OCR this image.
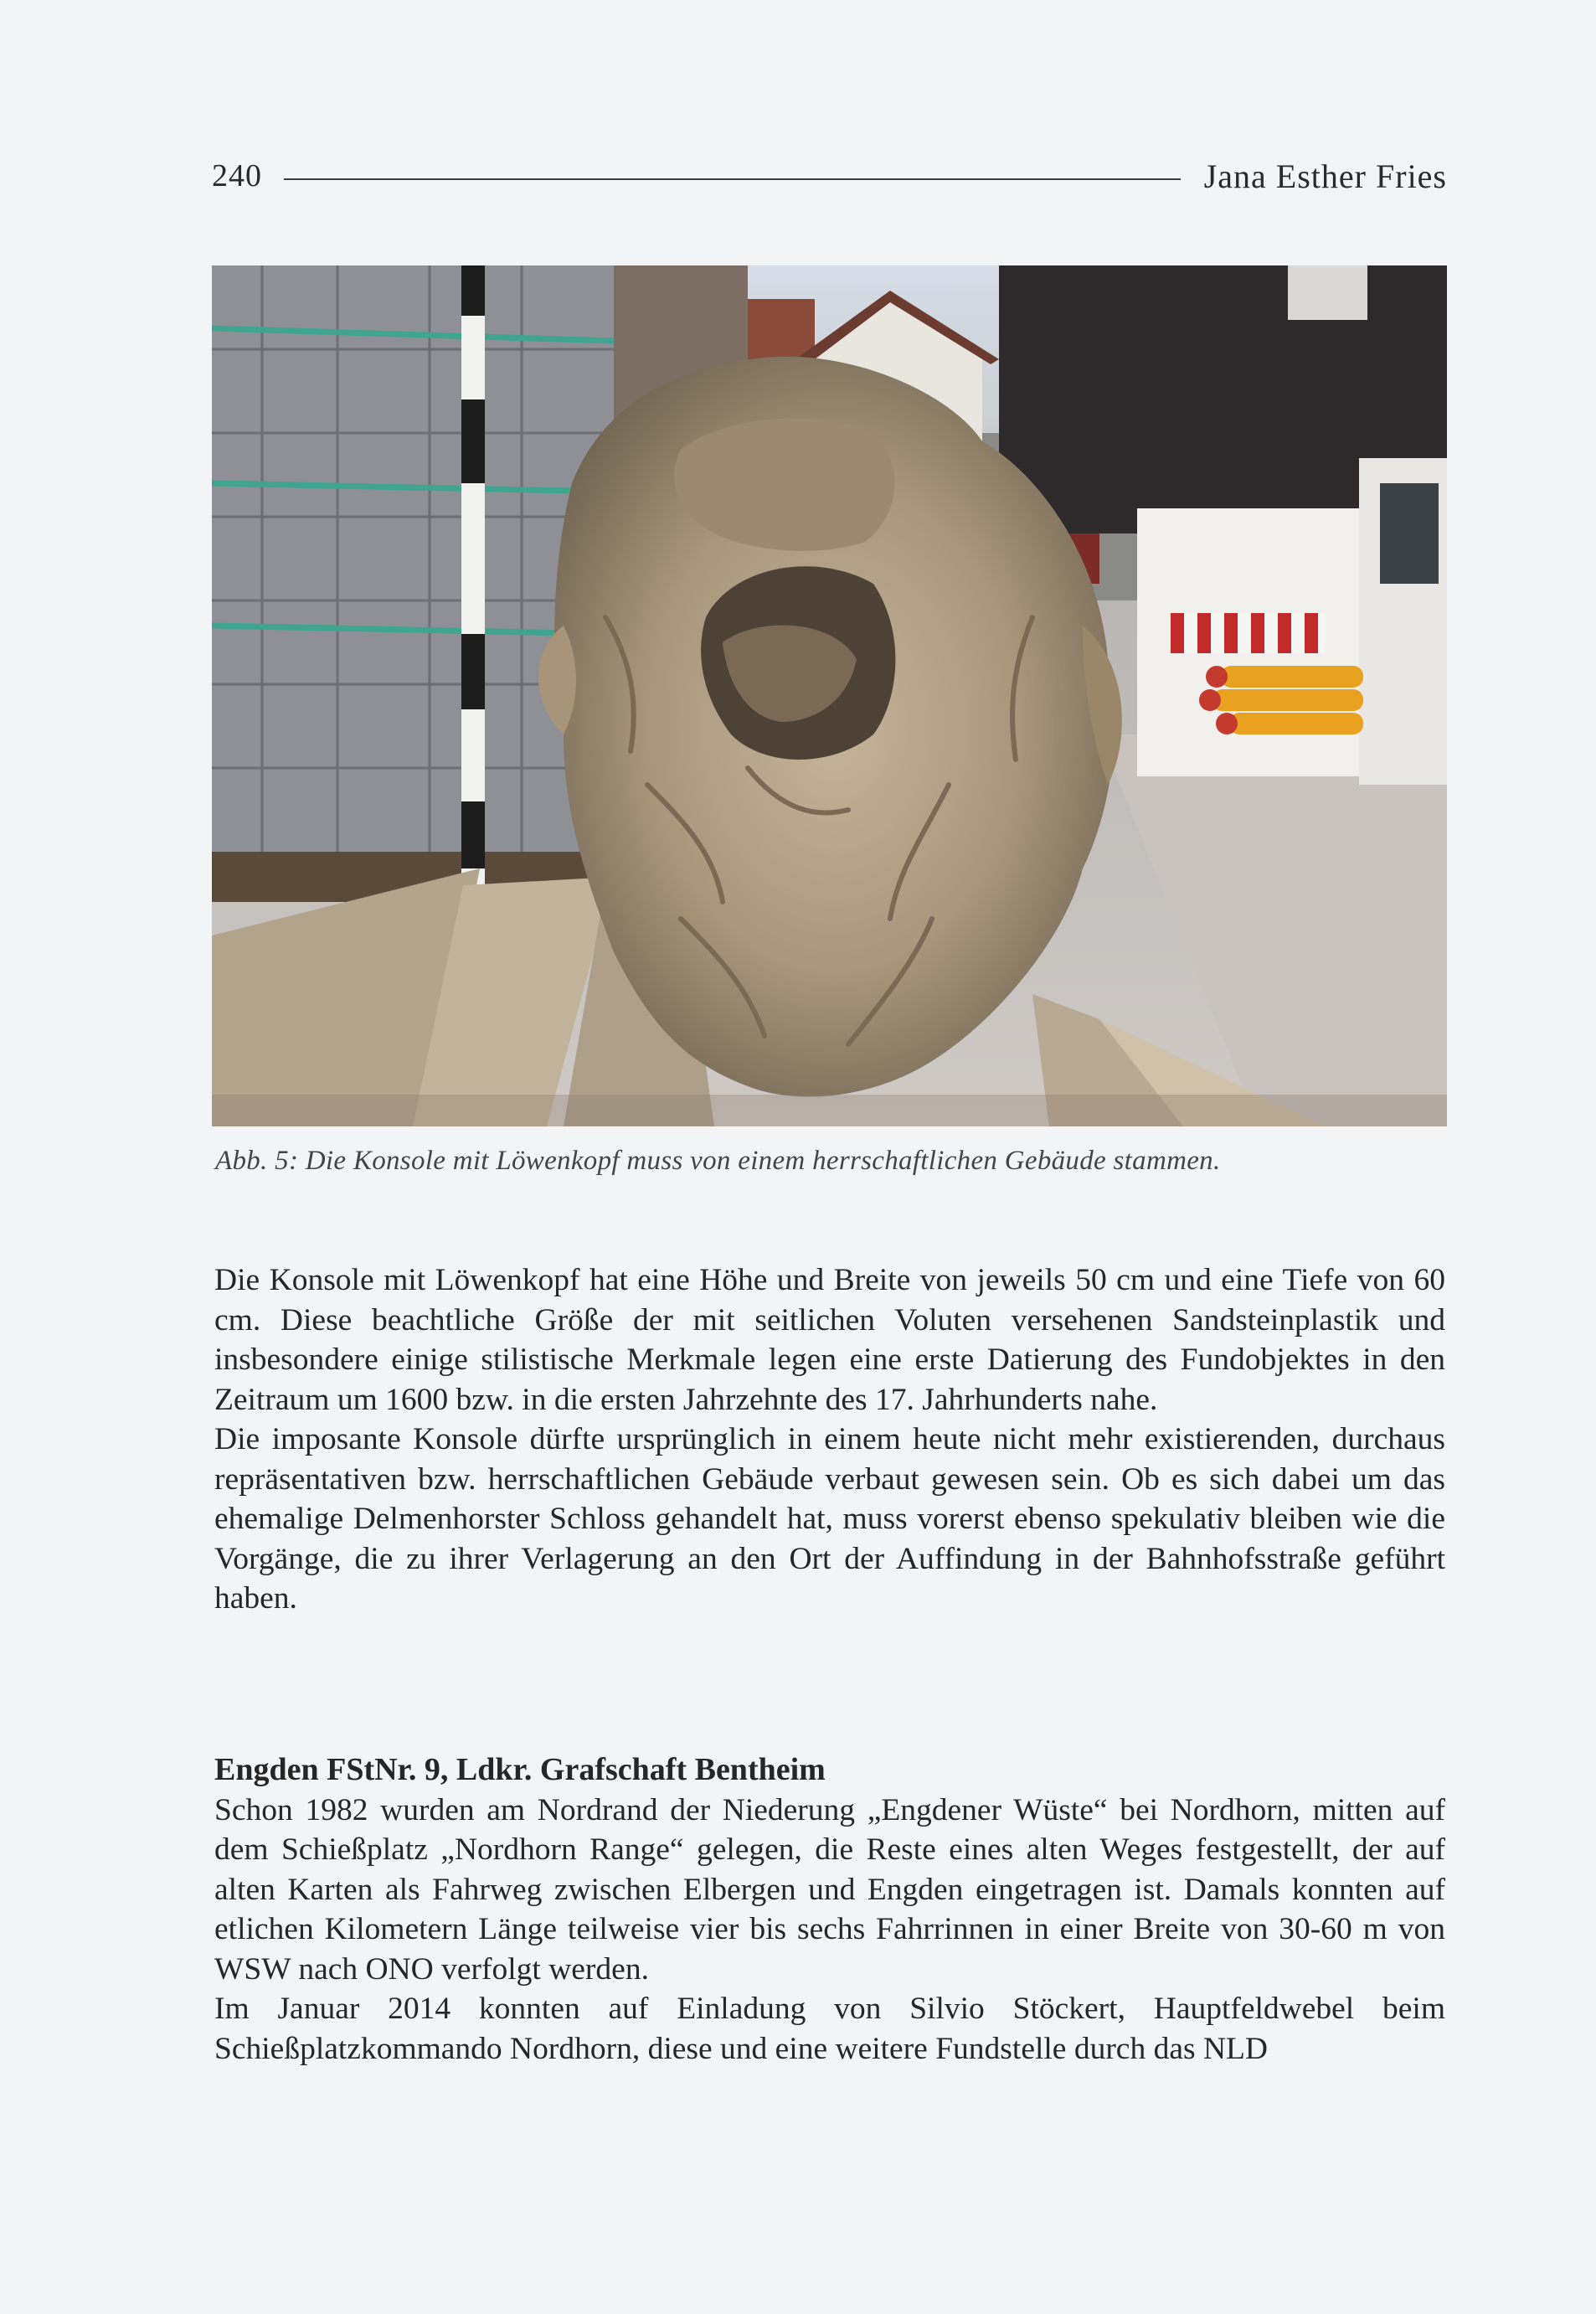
240	Jana Esther Fries
Abb. 5: Die Konsole mit Löwenkopf muss von einem herrschaftlichen Gebäude stammen.

Die Konsole mit Löwenkopf hat eine Höhe und Breite von jeweils 50 cm und eine Tiefe von 60 cm. Diese beachtliche Größe der mit seitlichen Voluten versehenen Sandsteinplastik und insbesondere einige stilistische Merkmale legen eine erste Datierung des Fundobjektes in den Zeitraum um 1600 bzw. in die ersten Jahrzehnte des 17. Jahrhunderts nahe.

Die imposante Konsole dürfte ursprünglich in einem heute nicht mehr existierenden, durchaus repräsentativen bzw. herrschaftlichen Gebäude verbaut gewesen sein. Ob es sich dabei um das ehemalige Delmenhorster Schloss gehandelt hat, muss vorerst ebenso spekulativ bleiben wie die Vorgänge, die zu ihrer Verlagerung an den Ort der Auffindung in der Bahnhofsstraße geführt haben.

Engden FStNr. 9, Ldkr. Grafschaft Bentheim

Schon 1982 wurden am Nordrand der Niederung „Engdener Wüste“ bei Nordhorn, mitten auf dem Schießplatz „Nordhorn Range“ gelegen, die Reste eines alten Weges festgestellt, der auf alten Karten als Fahrweg zwischen Elbergen und Engden eingetragen ist. Damals konnten auf etlichen Kilometern Länge teilweise vier bis sechs Fahrrinnen in einer Breite von 30-60 m von WSW nach ONO verfolgt werden.

Im Januar 2014 konnten auf Einladung von Silvio Stöckert, Hauptfeldwebel beim Schießplatzkommando Nordhorn, diese und eine weitere Fundstelle durch das NLD
